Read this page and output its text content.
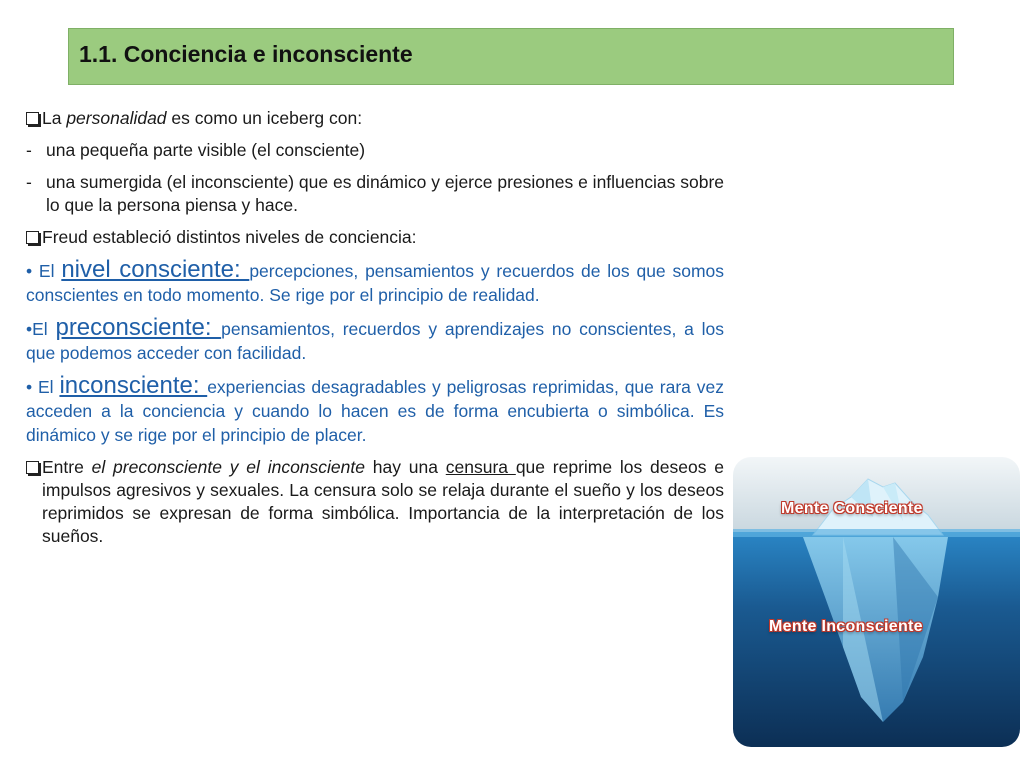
1.1. Conciencia e inconsciente
La personalidad es como un iceberg con:
- una pequeña parte visible (el consciente)
- una sumergida (el inconsciente) que es dinámico y ejerce presiones e influencias sobre lo que la persona piensa y hace.
Freud estableció distintos niveles de conciencia:
• El nivel consciente: percepciones, pensamientos y recuerdos de los que somos conscientes en todo momento. Se rige por el principio de realidad.
•El preconsciente: pensamientos, recuerdos y aprendizajes no conscientes, a los que podemos acceder con facilidad.
• El inconsciente: experiencias desagradables y peligrosas reprimidas, que rara vez acceden a la conciencia y cuando lo hacen es de forma encubierta o simbólica. Es dinámico y se rige por el principio de placer.
Entre el preconsciente y el inconsciente hay una censura que reprime los deseos e impulsos agresivos y sexuales. La censura solo se relaja durante el sueño y los deseos reprimidos se expresan de forma simbólica. Importancia de la interpretación de los sueños.
Mente Consciente
Mente Inconsciente
